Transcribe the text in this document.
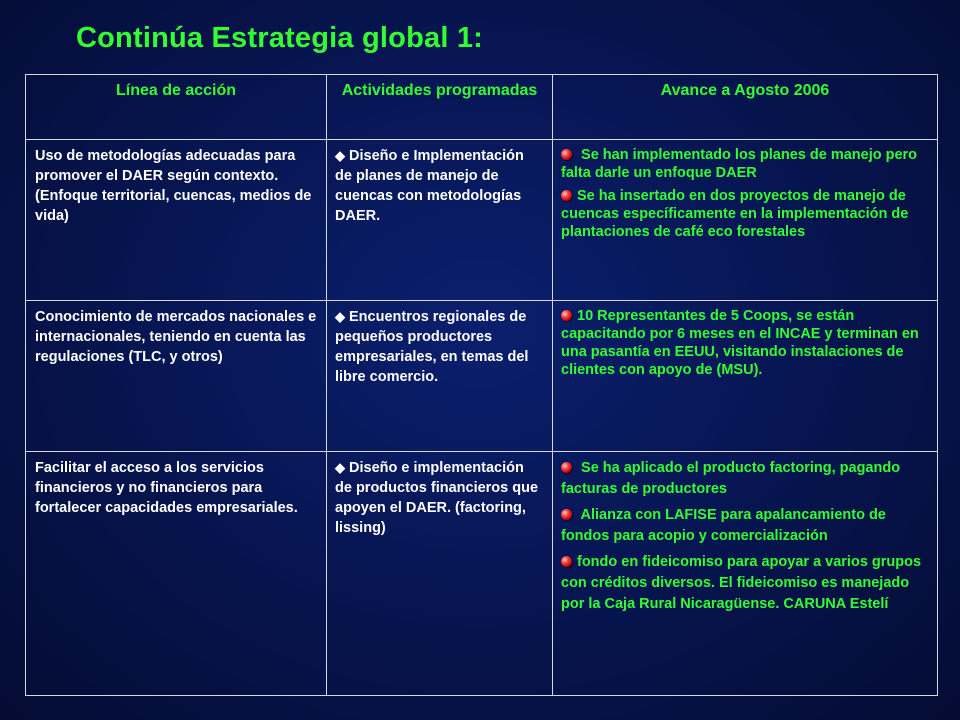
Continúa Estrategia global 1:
Línea de acción	Actividades programadas	Avance a Agosto 2006
Uso de metodologías adecuadas para promover el DAER según contexto.(Enfoque territorial, cuencas, medios de vida)	◆ Diseño e Implementación de planes de manejo de cuencas con metodologías DAER.	Se han implementado los planes de manejo pero falta darle un enfoque DAER
Se ha insertado en dos proyectos de manejo de cuencas específicamente en la implementación de plantaciones de café eco forestales

Conocimiento de mercados nacionales e internacionales, teniendo en cuenta las regulaciones (TLC, y otros)	◆ Encuentros regionales de pequeños productores empresariales, en temas del libre comercio.	10 Representantes de 5 Coops, se están capacitando por 6 meses en el INCAE y terminan en una pasantía en EEUU, visitando instalaciones de clientes con apoyo de (MSU).

Facilitar el acceso a los servicios financieros y no financieros para fortalecer capacidades empresariales.	◆ Diseño e implementación de productos financieros que apoyen el DAER. (factoring, lissing)	Se ha aplicado el producto factoring, pagando facturas de productores
Alianza con LAFISE para apalancamiento de fondos para acopio y comercialización
fondo en fideicomiso para apoyar a varios grupos con créditos diversos. El fideicomiso es manejado por la Caja Rural Nicaragüense. CARUNA Estelí
